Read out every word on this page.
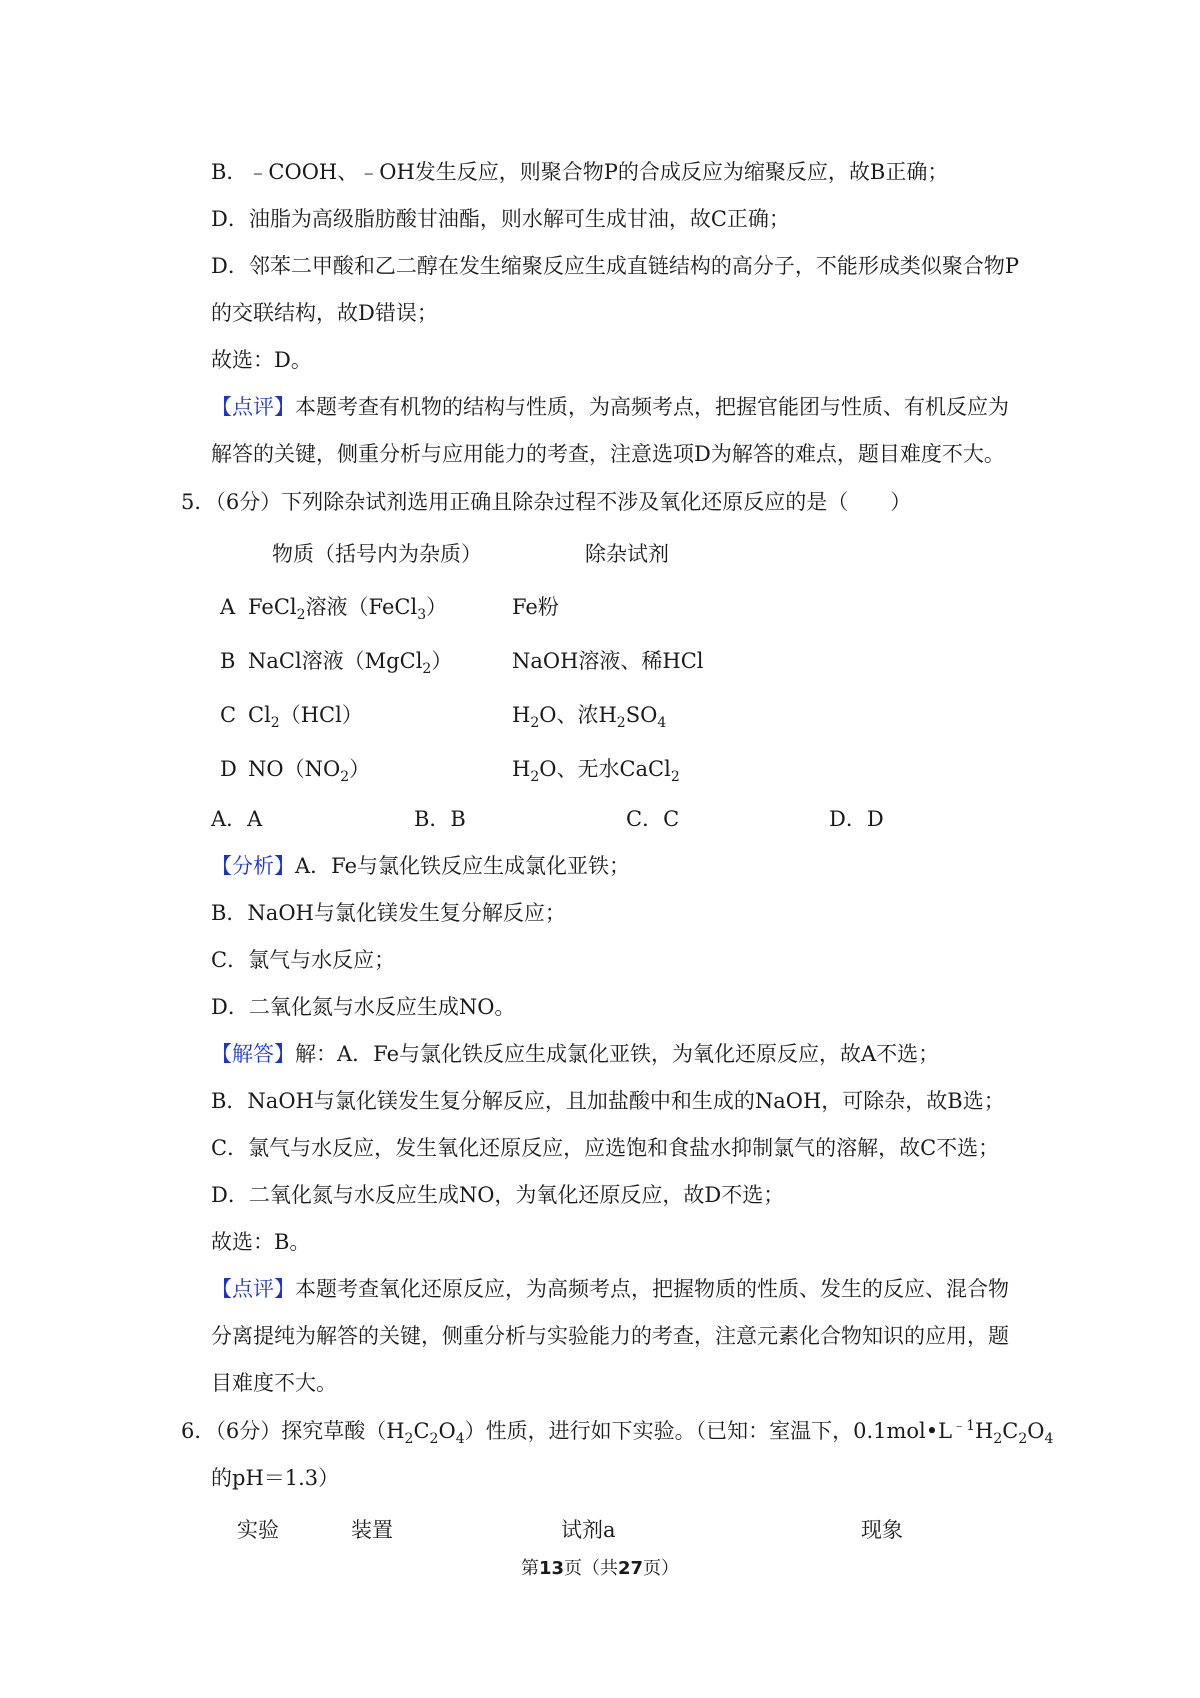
B．﹣COOH、﹣OH发生反应，则聚合物P的合成反应为缩聚反应，故B正确；
D．油脂为高级脂肪酸甘油酯，则水解可生成甘油，故C正确；
D．邻苯二甲酸和乙二醇在发生缩聚反应生成直链结构的高分子，不能形成类似聚合物P
的交联结构，故D错误；
故选：D。
【点评】本题考查有机物的结构与性质，为高频考点，把握官能团与性质、有机反应为
解答的关键，侧重分析与应用能力的考查，注意选项D为解答的难点，题目难度不大。
5．（6分）下列除杂试剂选用正确且除杂过程不涉及氧化还原反应的是（　　）
物质（括号内为杂质）	除杂试剂
A FeCl$_2$溶液（FeCl$_3$）	Fe粉
B NaCl溶液（MgCl$_2$）	NaOH溶液、稀HCl
C $Cl_2(HCl)$	$H_2O$、浓$H_2SO_4$
D $NO(NO_2)$	$H_2O$、无水CaCl$_2$
A．A	B．B	C．C	D．D
【分析】A．Fe与氯化铁反应生成氯化亚铁；
B．NaOH与氯化镁发生复分解反应；
C．氯气与水反应；
D．二氧化氮与水反应生成NO。
【解答】解：A．Fe与氯化铁反应生成氯化亚铁，为氧化还原反应，故A不选；
B．NaOH与氯化镁发生复分解反应，且加盐酸中和生成的NaOH，可除杂，故B选；
C．氯气与水反应，发生氧化还原反应，应选饱和食盐水抑制氯气的溶解，故C不选；
D．二氧化氮与水反应生成NO，为氧化还原反应，故D不选；
故选：B。
【点评】本题考查氧化还原反应，为高频考点，把握物质的性质、发生的反应、混合物
分离提纯为解答的关键，侧重分析与实验能力的考查，注意元素化合物知识的应用，题
目难度不大。
6．（6分）探究草酸$(H_2C_2O_4)$性质，进行如下实验。（已知：室温下，$0.1mol•L^{﹣1}H_2C_2O_4$
的pH＝1.3）
实验	装置	试剂a	现象
第13页（共27页）
